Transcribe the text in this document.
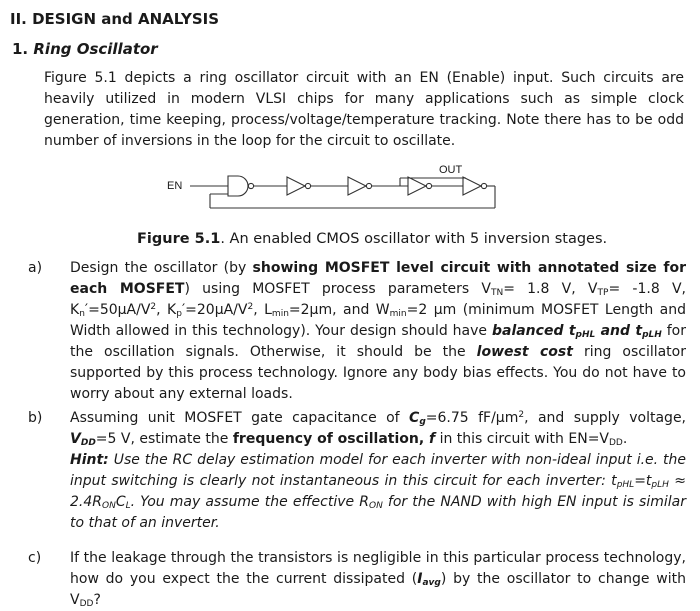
II. DESIGN and ANALYSIS
1. Ring Oscillator

Figure 5.1 depicts a ring oscillator circuit with an EN (Enable) input. Such circuits are heavily utilized in modern VLSI chips for many applications such as simple clock generation, time keeping, process/voltage/temperature tracking. Note there has to be odd number of inversions in the loop for the circuit to oscillate.

EN
OUT
Figure 5.1. An enabled CMOS oscillator with 5 inversion stages.
a) Design the oscillator (by showing MOSFET level circuit with annotated size for each MOSFET) using MOSFET process parameters $V_{TN}= 1.8$ V, $V_{TP}= -1.8$ V, $K_n'=50\mu A/V^2$, $K_p'=20\mu A/V^2$, $L_{min}=2\mu m$, and $W_{min}=2$ µm (minimum MOSFET Length and Width allowed in this technology). Your design should have balanced $t_{pHL}$ and $t_{pLH}$ for the oscillation signals. Otherwise, it should be the lowest cost ring oscillator supported by this process technology. Ignore any body bias effects. You do not have to worry about any external loads.
b) Assuming unit MOSFET gate capacitance of $C_g=6.75$ fF/µm$^2$, and supply voltage, $V_{DD}=5$ V, estimate the frequency of oscillation, f in this circuit with $EN=V_{DD}$.
Hint: Use the RC delay estimation model for each inverter with non-ideal input i.e. the input switching is clearly not instantaneous in this circuit for each inverter: $t_{pHL}=t_{pLH} \approx 2.4R_{ON}C_L$. You may assume the effective $R_{ON}$ for the NAND with high EN input is similar to that of an inverter.
c) If the leakage through the transistors is negligible in this particular process technology, how do you expect the the current dissipated $(I_{avg})$ by the oscillator to change with $V_{DD}$?
